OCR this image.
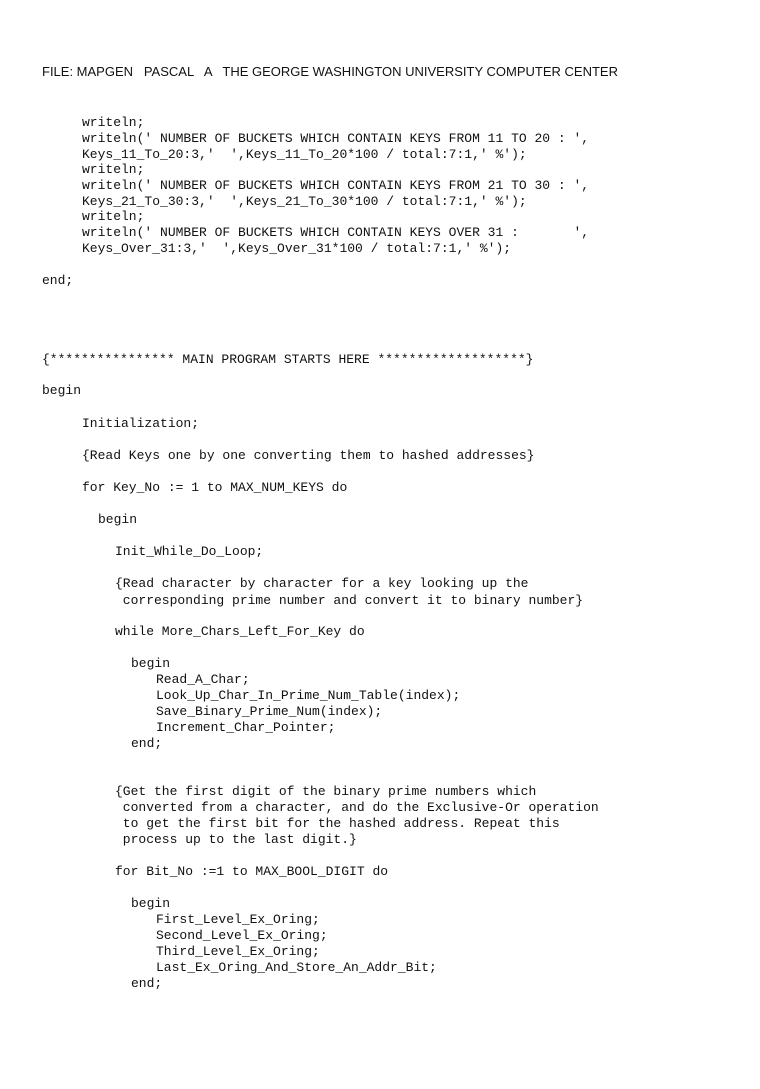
FILE: MAPGEN   PASCAL   A   THE GEORGE WASHINGTON UNIVERSITY COMPUTER CENTER
writeln;
writeln(' NUMBER OF BUCKETS WHICH CONTAIN KEYS FROM 11 TO 20 : ',
Keys_11_To_20:3,'  ',Keys_11_To_20*100 / total:7:1,' %');
writeln;
writeln(' NUMBER OF BUCKETS WHICH CONTAIN KEYS FROM 21 TO 30 : ',
Keys_21_To_30:3,'  ',Keys_21_To_30*100 / total:7:1,' %');
writeln;
writeln(' NUMBER OF BUCKETS WHICH CONTAIN KEYS OVER 31 :       ',
Keys_Over_31:3,'  ',Keys_Over_31*100 / total:7:1,' %');
end;
{**************** MAIN PROGRAM STARTS HERE *******************}
begin
Initialization;
{Read Keys one by one converting them to hashed addresses}
for Key_No := 1 to MAX_NUM_KEYS do
begin
Init_While_Do_Loop;
{Read character by character for a key looking up the
corresponding prime number and convert it to binary number}
while More_Chars_Left_For_Key do
begin
Read_A_Char;
Look_Up_Char_In_Prime_Num_Table(index);
Save_Binary_Prime_Num(index);
Increment_Char_Pointer;
end;
{Get the first digit of the binary prime numbers which
converted from a character, and do the Exclusive-Or operation
to get the first bit for the hashed address. Repeat this
process up to the last digit.}
for Bit_No :=1 to MAX_BOOL_DIGIT do
begin
First_Level_Ex_Oring;
Second_Level_Ex_Oring;
Third_Level_Ex_Oring;
Last_Ex_Oring_And_Store_An_Addr_Bit;
end;
